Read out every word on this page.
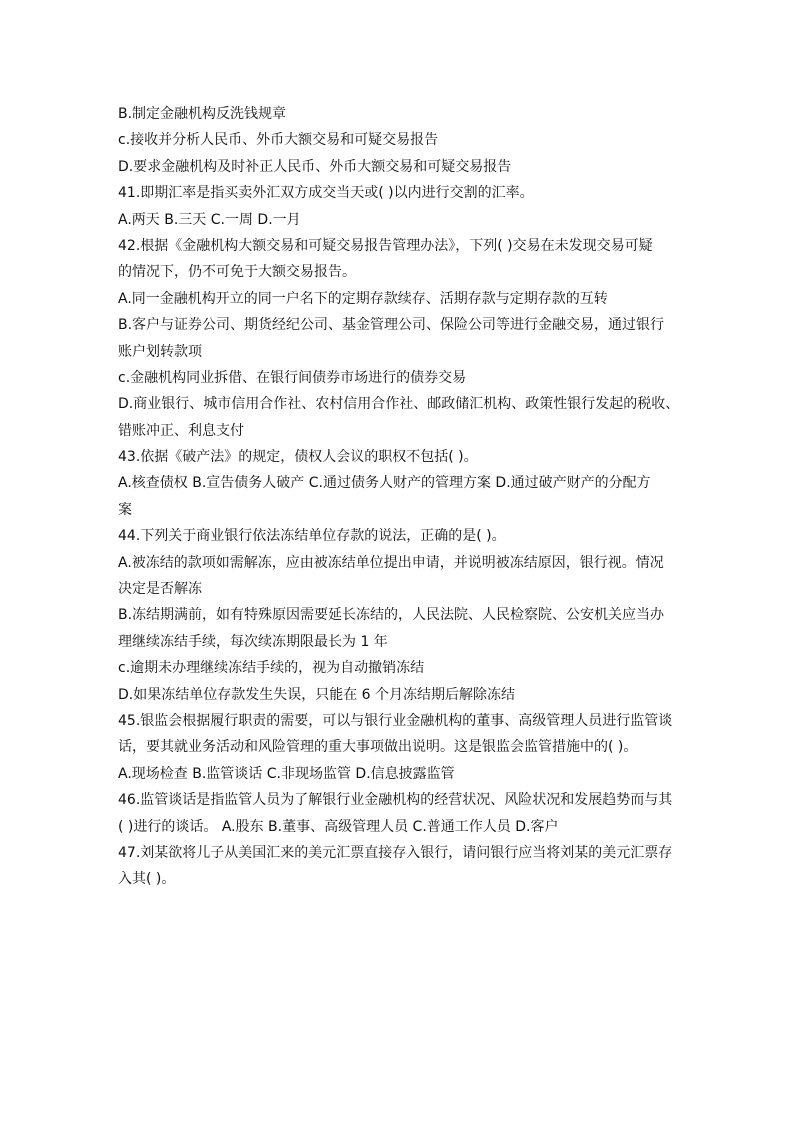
B.制定金融机构反洗钱规章
c.接收并分析人民币、外币大额交易和可疑交易报告
D.要求金融机构及时补正人民币、外币大额交易和可疑交易报告
41.即期汇率是指买卖外汇双方成交当天或( )以内进行交割的汇率。
A.两天 B.三天 C.一周 D.一月
42.根据《金融机构大额交易和可疑交易报告管理办法》，下列( )交易在未发现交易可疑
的情况下，仍不可免于大额交易报告。
A.同一金融机构开立的同一户名下的定期存款续存、活期存款与定期存款的互转
B.客户与证券公司、期货经纪公司、基金管理公司、保险公司等进行金融交易，通过银行
账户划转款项
c.金融机构同业拆借、在银行间债券市场进行的债券交易
D.商业银行、城市信用合作社、农村信用合作社、邮政储汇机构、政策性银行发起的税收、
错账冲正、利息支付
43.依据《破产法》的规定，债权人会议的职权不包括( )。
A.核查债权 B.宣告债务人破产 C.通过债务人财产的管理方案 D.通过破产财产的分配方
案
44.下列关于商业银行依法冻结单位存款的说法，正确的是( )。
A.被冻结的款项如需解冻，应由被冻结单位提出申请，并说明被冻结原因，银行视。情况
决定是否解冻
B.冻结期满前，如有特殊原因需要延长冻结的，人民法院、人民检察院、公安机关应当办
理继续冻结手续，每次续冻期限最长为 1 年
c.逾期未办理继续冻结手续的，视为自动撤销冻结
D.如果冻结单位存款发生失误，只能在 6 个月冻结期后解除冻结
45.银监会根据履行职责的需要，可以与银行业金融机构的董事、高级管理人员进行监管谈
话，要其就业务活动和风险管理的重大事项做出说明。这是银监会监管措施中的( )。
A.现场检查 B.监管谈话 C.非现场监管 D.信息披露监管
46.监管谈话是指监管人员为了解银行业金融机构的经营状况、风险状况和发展趋势而与其
( )进行的谈话。 A.股东 B.董事、高级管理人员 C.普通工作人员 D.客户
47.刘某欲将儿子从美国汇来的美元汇票直接存入银行，请问银行应当将刘某的美元汇票存
入其( )。
